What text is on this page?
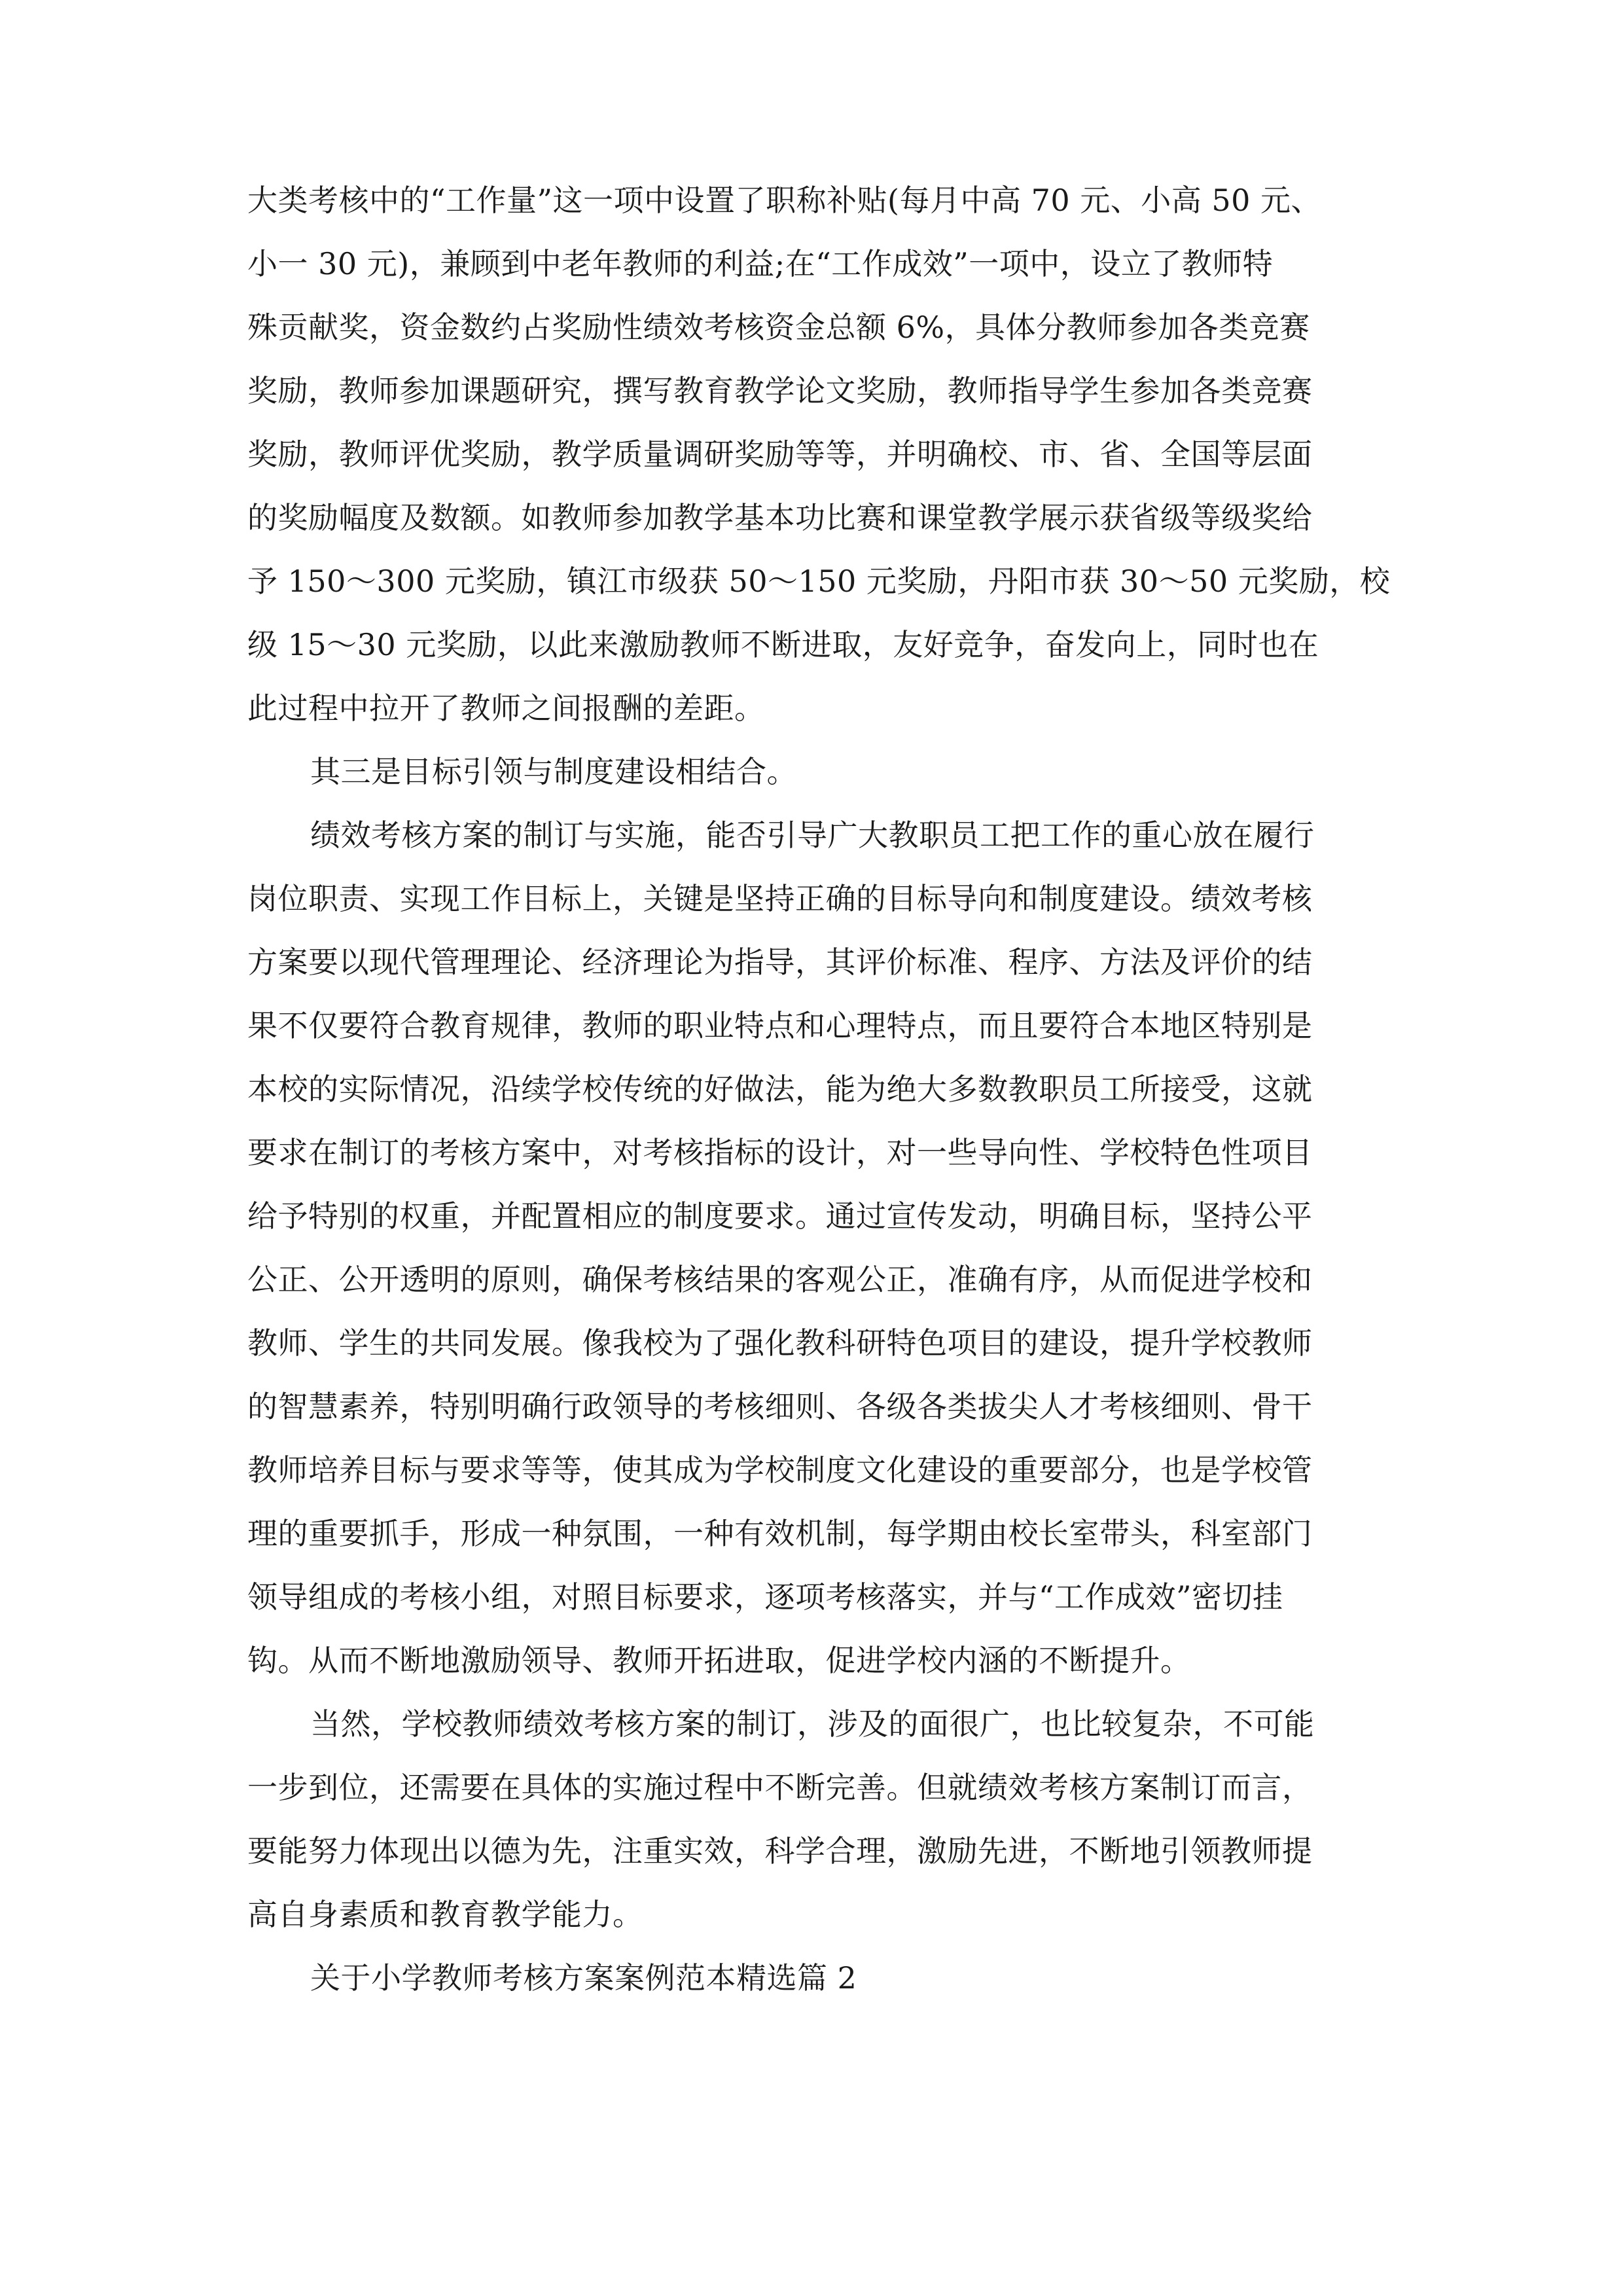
大类考核中的“工作量”这一项中设置了职称补贴(每月中高 70 元、小高 50 元、
小一 30 元)，兼顾到中老年教师的利益;在“工作成效”一项中，设立了教师特
殊贡献奖，资金数约占奖励性绩效考核资金总额 6%，具体分教师参加各类竞赛
奖励，教师参加课题研究，撰写教育教学论文奖励，教师指导学生参加各类竞赛
奖励，教师评优奖励，教学质量调研奖励等等，并明确校、市、省、全国等层面
的奖励幅度及数额。如教师参加教学基本功比赛和课堂教学展示获省级等级奖给
予 150～300 元奖励，镇江市级获 50～150 元奖励，丹阳市获 30～50 元奖励，校
级 15～30 元奖励，以此来激励教师不断进取，友好竞争，奋发向上，同时也在
此过程中拉开了教师之间报酬的差距。
其三是目标引领与制度建设相结合。
绩效考核方案的制订与实施，能否引导广大教职员工把工作的重心放在履行
岗位职责、实现工作目标上，关键是坚持正确的目标导向和制度建设。绩效考核
方案要以现代管理理论、经济理论为指导，其评价标准、程序、方法及评价的结
果不仅要符合教育规律，教师的职业特点和心理特点，而且要符合本地区特别是
本校的实际情况，沿续学校传统的好做法，能为绝大多数教职员工所接受，这就
要求在制订的考核方案中，对考核指标的设计，对一些导向性、学校特色性项目
给予特别的权重，并配置相应的制度要求。通过宣传发动，明确目标，坚持公平
公正、公开透明的原则，确保考核结果的客观公正，准确有序，从而促进学校和
教师、学生的共同发展。像我校为了强化教科研特色项目的建设，提升学校教师
的智慧素养，特别明确行政领导的考核细则、各级各类拔尖人才考核细则、骨干
教师培养目标与要求等等，使其成为学校制度文化建设的重要部分，也是学校管
理的重要抓手，形成一种氛围，一种有效机制，每学期由校长室带头，科室部门
领导组成的考核小组，对照目标要求，逐项考核落实，并与“工作成效”密切挂
钩。从而不断地激励领导、教师开拓进取，促进学校内涵的不断提升。
当然，学校教师绩效考核方案的制订，涉及的面很广，也比较复杂，不可能
一步到位，还需要在具体的实施过程中不断完善。但就绩效考核方案制订而言，
要能努力体现出以德为先，注重实效，科学合理，激励先进，不断地引领教师提
高自身素质和教育教学能力。
关于小学教师考核方案案例范本精选篇 2
